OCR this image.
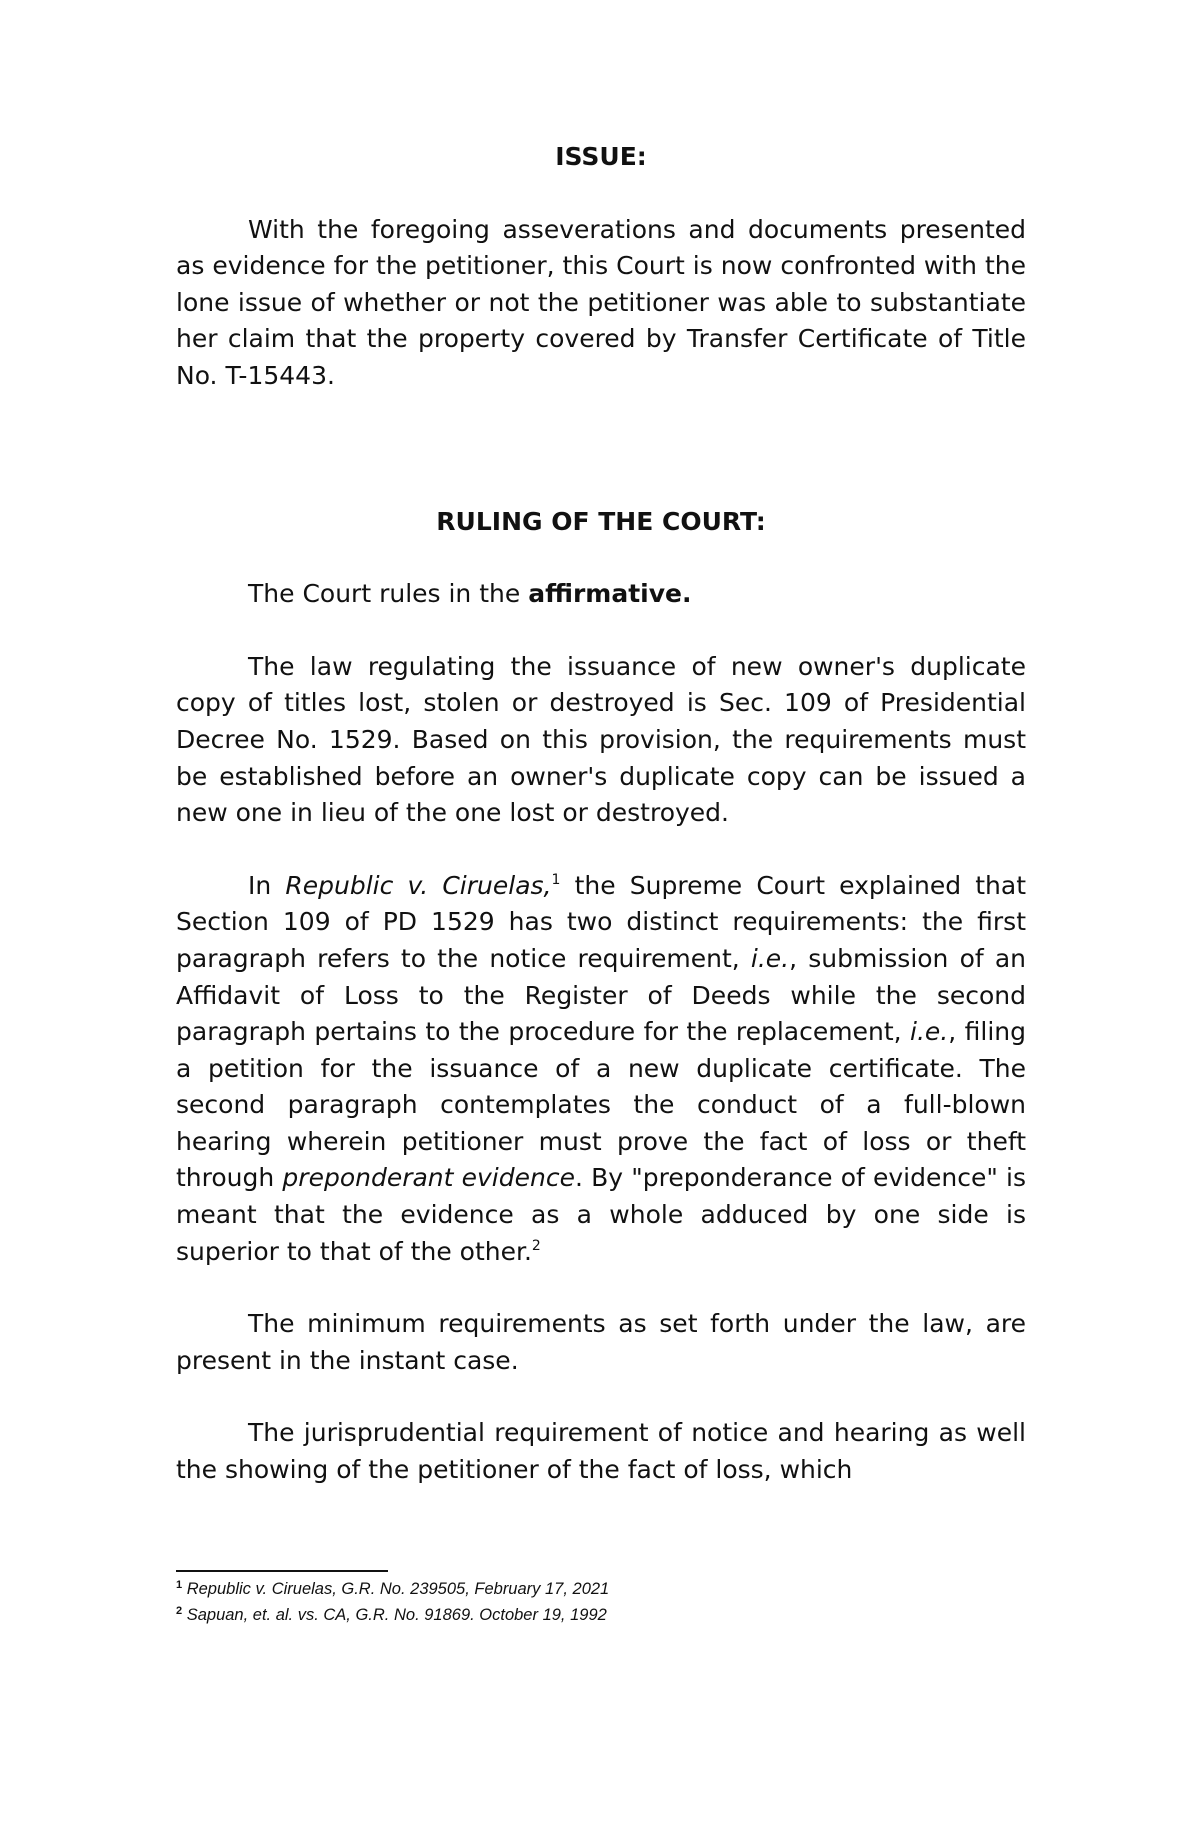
ISSUE:

With the foregoing asseverations and documents presented as evidence for the petitioner, this Court is now confronted with the lone issue of whether or not the petitioner was able to substantiate her claim that the property covered by Transfer Certificate of Title No. T-15443.

RULING OF THE COURT:

The Court rules in the affirmative.

The law regulating the issuance of new owner's duplicate copy of titles lost, stolen or destroyed is Sec. 109 of Presidential Decree No. 1529. Based on this provision, the requirements must be established before an owner's duplicate copy can be issued a new one in lieu of the one lost or destroyed.

In Republic v. Ciruelas,$^1$ the Supreme Court explained that Section 109 of PD 1529 has two distinct requirements: the first paragraph refers to the notice requirement, i.e., submission of an Affidavit of Loss to the Register of Deeds while the second paragraph pertains to the procedure for the replacement, i.e., filing a petition for the issuance of a new duplicate certificate. The second paragraph contemplates the conduct of a full-blown hearing wherein petitioner must prove the fact of loss or theft through preponderant evidence. By "preponderance of evidence" is meant that the evidence as a whole adduced by one side is superior to that of the other.$^2$

The minimum requirements as set forth under the law, are present in the instant case.

The jurisprudential requirement of notice and hearing as well the showing of the petitioner of the fact of loss, which

$^1$ Republic v. Ciruelas, G.R. No. 239505, February 17, 2021

$^2$ Sapuan, et. al. vs. CA, G.R. No. 91869. October 19, 1992
